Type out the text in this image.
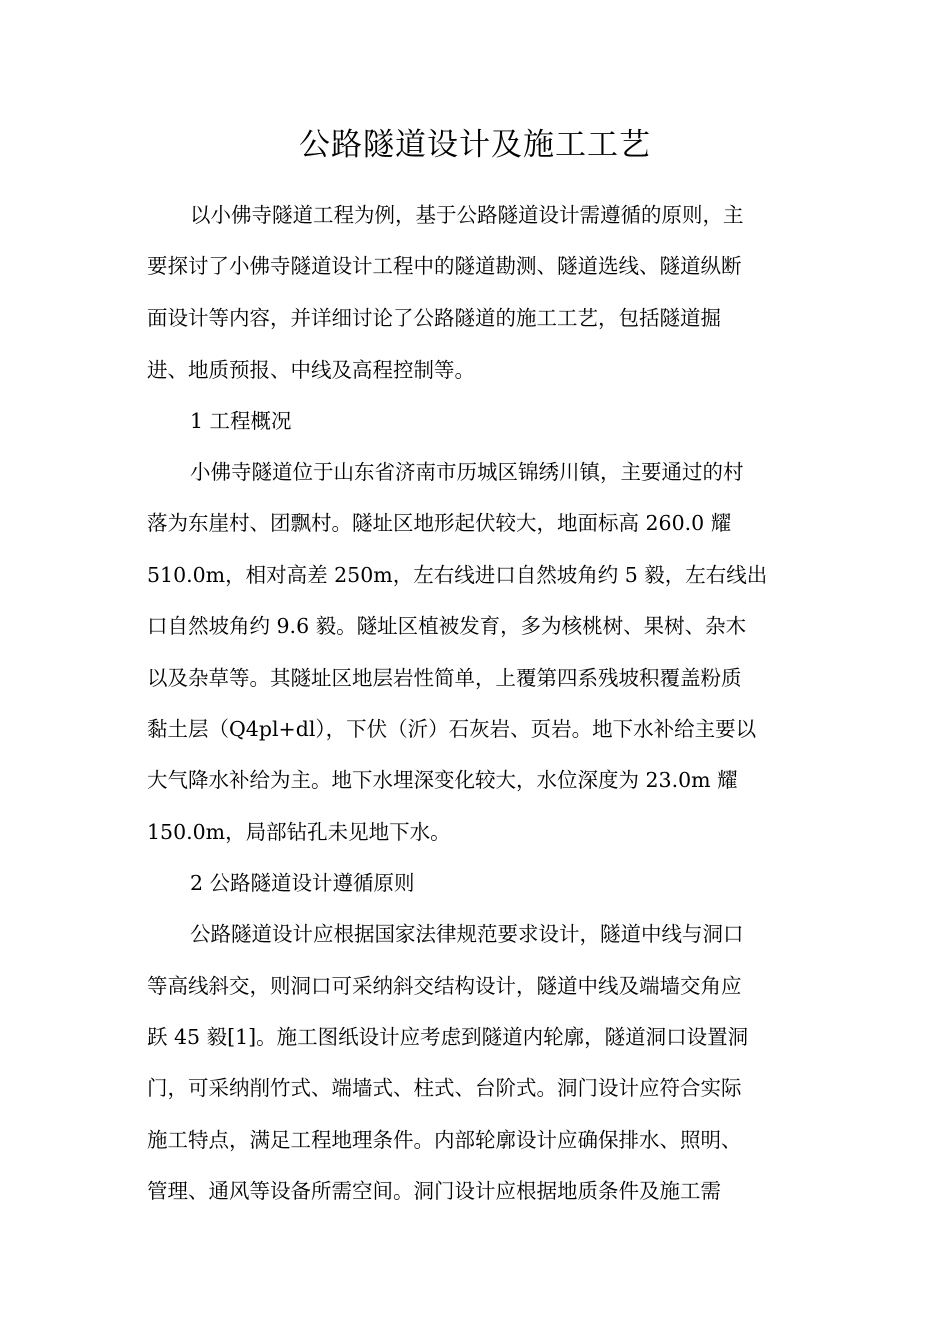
公路隧道设计及施工工艺

以小佛寺隧道工程为例，基于公路隧道设计需遵循的原则，主

要探讨了小佛寺隧道设计工程中的隧道勘测、隧道选线、隧道纵断

面设计等内容，并详细讨论了公路隧道的施工工艺，包括隧道掘

进、地质预报、中线及高程控制等。

1 工程概况

小佛寺隧道位于山东省济南市历城区锦绣川镇，主要通过的村

落为东崖村、团飘村。隧址区地形起伏较大，地面标高 260.0 耀

510.0m，相对高差 250m，左右线进口自然坡角约 5 毅，左右线出

口自然坡角约 9.6 毅。隧址区植被发育，多为核桃树、果树、杂木

以及杂草等。其隧址区地层岩性简单，上覆第四系残坡积覆盖粉质

黏土层（Q4pl+dl），下伏（沂）石灰岩、页岩。地下水补给主要以

大气降水补给为主。地下水埋深变化较大，水位深度为 23.0m 耀

150.0m，局部钻孔未见地下水。

2 公路隧道设计遵循原则

公路隧道设计应根据国家法律规范要求设计，隧道中线与洞口

等高线斜交，则洞口可采纳斜交结构设计，隧道中线及端墙交角应

跃 45 毅[1]。施工图纸设计应考虑到隧道内轮廓，隧道洞口设置洞

门，可采纳削竹式、端墙式、柱式、台阶式。洞门设计应符合实际

施工特点，满足工程地理条件。内部轮廓设计应确保排水、照明、

管理、通风等设备所需空间。洞门设计应根据地质条件及施工需
